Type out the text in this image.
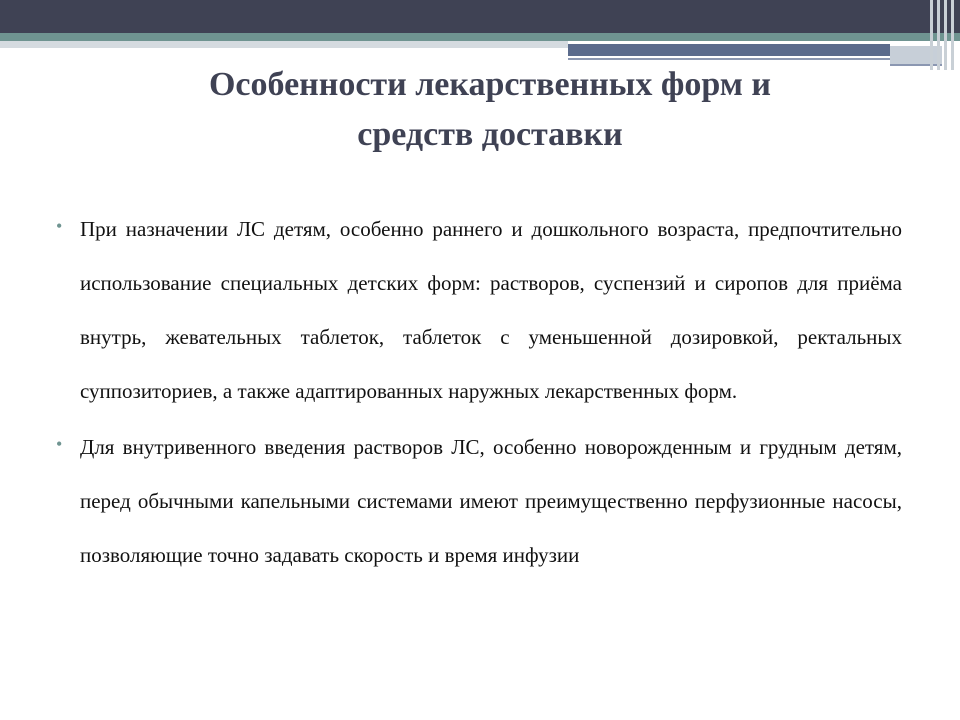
Особенности лекарственных форм и
средств доставки
• При назначении ЛС детям, особенно раннего и дошкольного возраста, предпочтительно использование специальных детских форм: растворов, суспензий и сиропов для приёма внутрь, жевательных таблеток, таблеток с уменьшенной дозировкой, ректальных суппозиториев, а также адаптированных наружных лекарственных форм.
• Для внутривенного введения растворов ЛС, особенно новорожденным и грудным детям, перед обычными капельными системами имеют преимущественно перфузионные насосы, позволяющие точно задавать скорость и время инфузии
